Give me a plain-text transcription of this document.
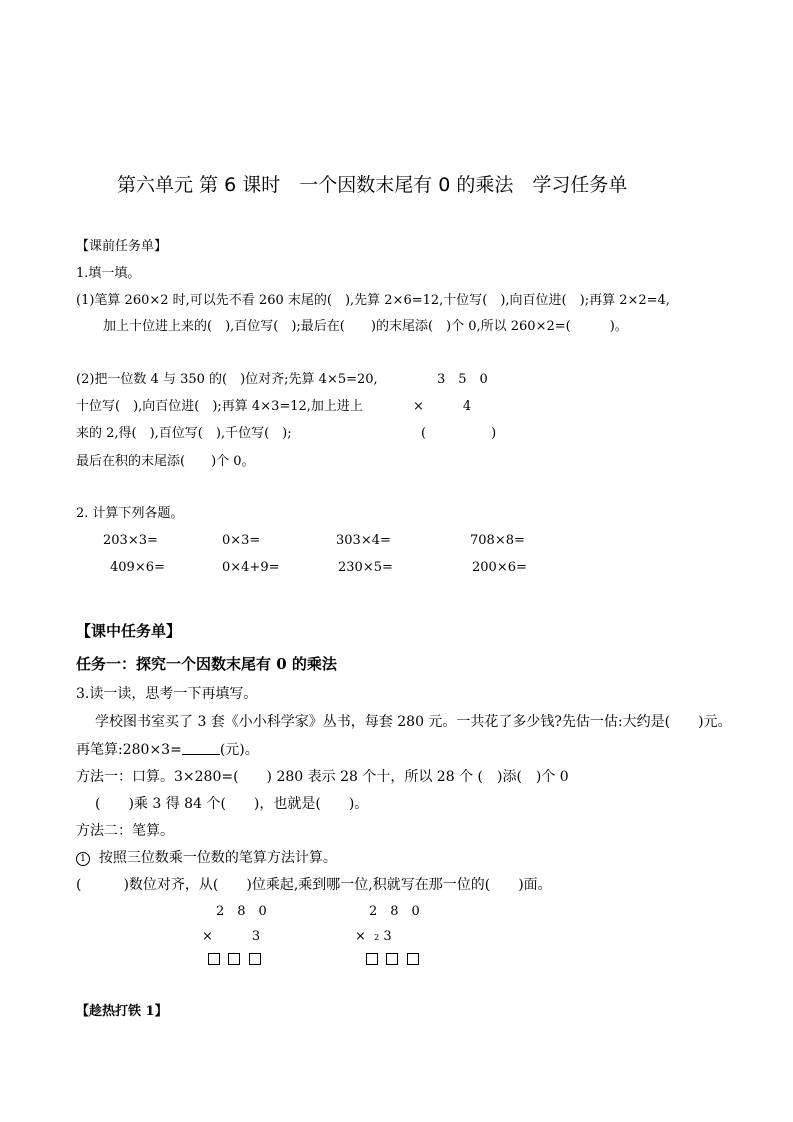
第六单元 第 6 课时　一个因数末尾有 0 的乘法　学习任务单
【课前任务单】
1.填一填。
(1)笔算 260×2 时,可以先不看 260 末尾的(　),先算 2×6=12,十位写(　),向百位进(　);再算 2×2=4,
加上十位进上来的(　),百位写(　);最后在(　　)的末尾添(　)个 0,所以 260×2=(　　　)。
(2)把一位数 4 与 350 的(　)位对齐;先算 4×5=20,
十位写(　),向百位进(　);再算 4×3=12,加上进上
来的 2,得(　),百位写(　),千位写(　);
最后在积的末尾添(　　)个 0。
3　5　0
×　　　4
(　　　　　)
2. 计算下列各题。
203×3=	0×3=	303×4=	708×8=
409×6=	0×4+9=	230×5=	200×6=
【课中任务单】
任务一：探究一个因数末尾有 0 的乘法
3.读一读，思考一下再填写。
学校图书室买了 3 套《小小科学家》丛书，每套 280 元。一共花了多少钱?先估一估:大约是(　　)元。
再笔算:280×3=	(元)。
方法一：口算。3×280=(　　) 280 表示 28 个十，所以 28 个 (　)添(　)个 0
(　　)乘 3 得 84 个(　　)，也就是(　　)。
方法二：笔算。
1 按照三位数乘一位数的笔算方法计算。
(　　　)数位对齐，从(　　)位乘起,乘到哪一位,积就写在那一位的(　　)面。
2　8　0
×　　　3

2　8　0
× 2 3

【趁热打铁 1】
